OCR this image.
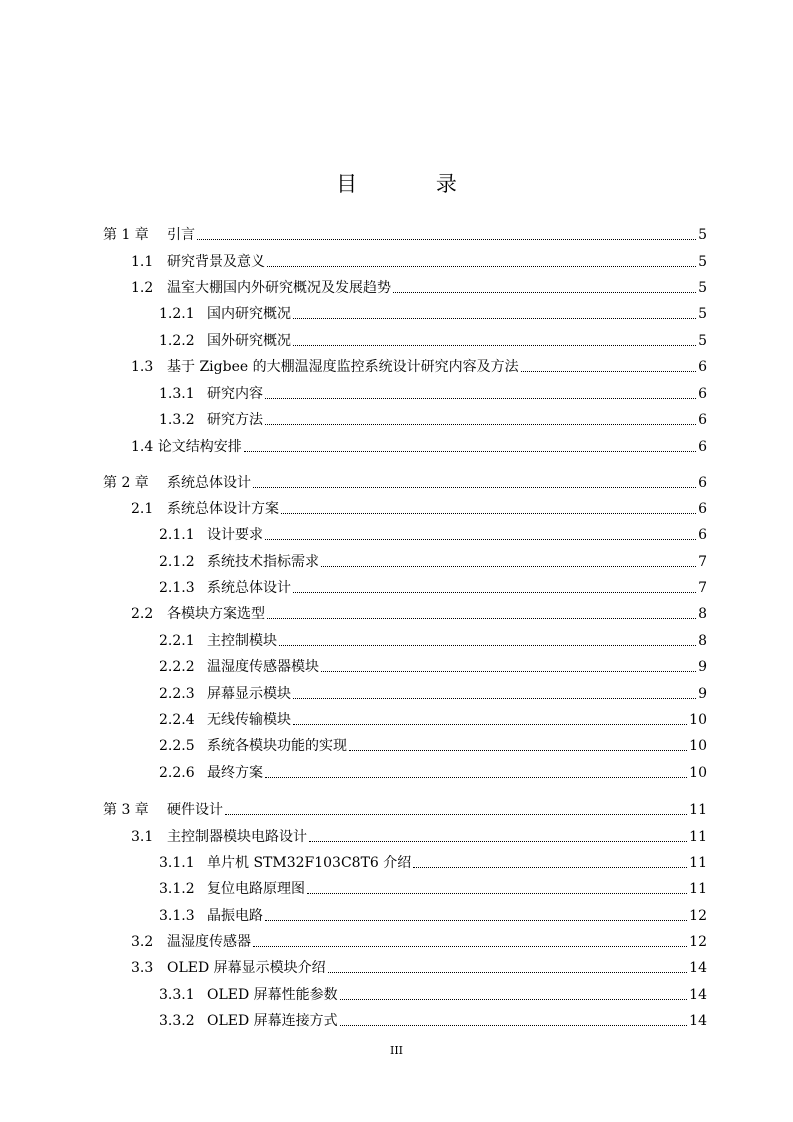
目 录
第 1 章	引言	5
1.1 研究背景及意义	5
1.2 温室大棚国内外研究概况及发展趋势	5
1.2.1 国内研究概况	5
1.2.2 国外研究概况	5
1.3 基于 Zigbee 的大棚温湿度监控系统设计研究内容及方法	6
1.3.1 研究内容	6
1.3.2 研究方法	6
1.4 论文结构安排	6
第 2 章	系统总体设计	6
2.1 系统总体设计方案	6
2.1.1 设计要求	6
2.1.2 系统技术指标需求	7
2.1.3 系统总体设计	7
2.2 各模块方案选型	8
2.2.1 主控制模块	8
2.2.2 温湿度传感器模块	9
2.2.3 屏幕显示模块	9
2.2.4 无线传输模块	10
2.2.5 系统各模块功能的实现	10
2.2.6 最终方案	10
第 3 章	硬件设计	11
3.1 主控制器模块电路设计	11
3.1.1 单片机 STM32F103C8T6 介绍	11
3.1.2 复位电路原理图	11
3.1.3 晶振电路	12
3.2 温湿度传感器	12
3.3 OLED 屏幕显示模块介绍	14
3.3.1 OLED 屏幕性能参数	14
3.3.2 OLED 屏幕连接方式	14
III
